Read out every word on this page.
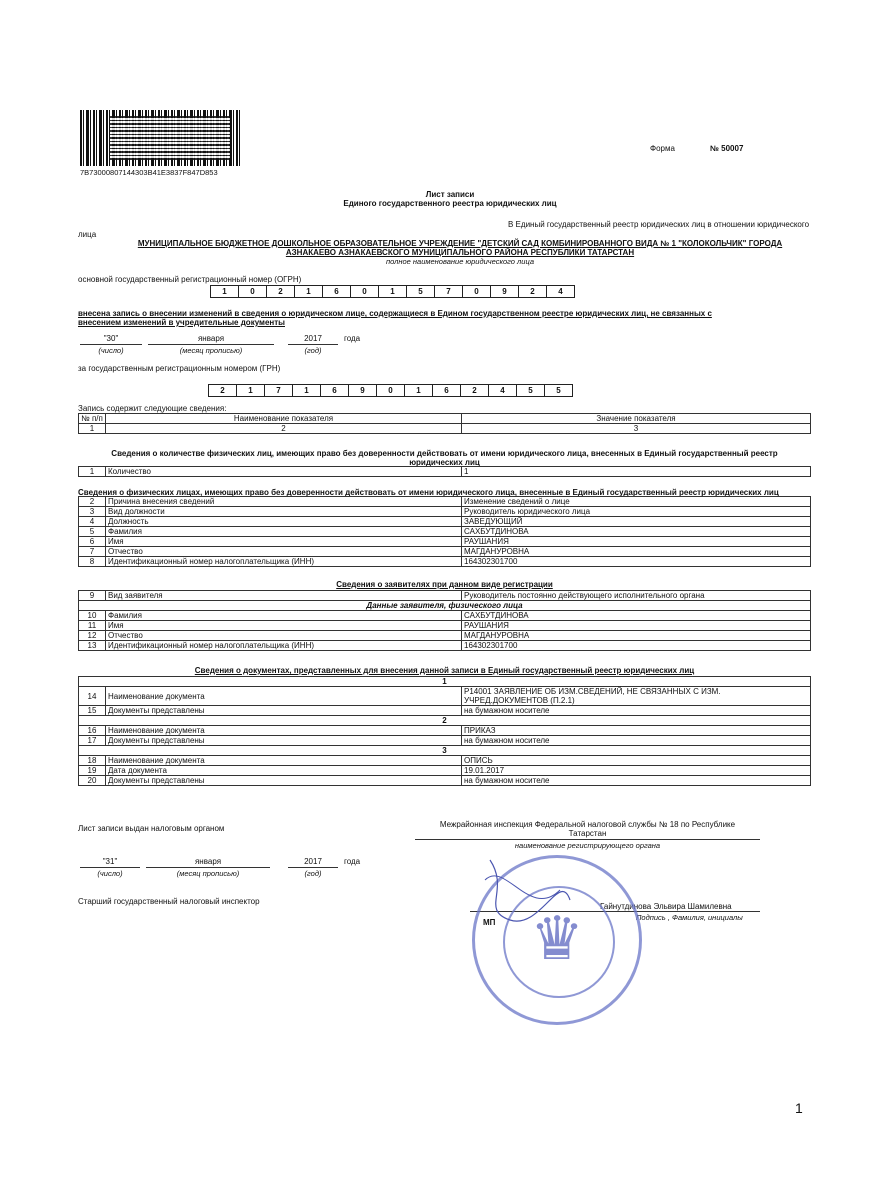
7B73000807144303B41E3837F847D853
Форма	№ 50007
Лист записи
Единого государственного реестра юридических лиц
В Единый государственный реестр юридических лиц в отношении юридического
лица
МУНИЦИПАЛЬНОЕ БЮДЖЕТНОЕ ДОШКОЛЬНОЕ ОБРАЗОВАТЕЛЬНОЕ УЧРЕЖДЕНИЕ "ДЕТСКИЙ САД КОМБИНИРОВАННОГО ВИДА № 1 "КОЛОКОЛЬЧИК" ГОРОДА
АЗНАКАЕВО АЗНАКАЕВСКОГО МУНИЦИПАЛЬНОГО РАЙОНА РЕСПУБЛИКИ ТАТАРСТАН
полное наименование юридического лица
основной государственный регистрационный номер (ОГРН)
1	0	2	1	6	0	1	5	7	0	9	2	4
внесена запись о внесении изменений в сведения о юридическом лице, содержащиеся в Едином государственном реестре юридических лиц, не связанных с
внесением изменений в учредительные документы
"30"	января	2017	года
(число)	(месяц прописью)	(год)
за государственным регистрационным номером (ГРН)
2	1	7	1	6	9	0	1	6	2	4	5	5
Запись содержит следующие сведения:
№ п/п	Наименование показателя	Значение показателя
1	2	3
Сведения о количестве физических лиц, имеющих право без доверенности действовать от имени юридического лица, внесенных в Единый государственный реестр
юридических лиц
1	Количество	1
Сведения о физических лицах, имеющих право без доверенности действовать от имени юридического лица, внесенные в Единый государственный реестр юридических лиц
2	Причина внесения сведений	Изменение сведений о лице
3	Вид должности	Руководитель юридического лица
4	Должность	ЗАВЕДУЮЩИЙ
5	Фамилия	САХБУТДИНОВА
6	Имя	РАУШАНИЯ
7	Отчество	МАГДАНУРОВНА
8	Идентификационный номер налогоплательщика (ИНН)	164302301700
Сведения о заявителях при данном виде регистрации
9	Вид заявителя	Руководитель постоянно действующего исполнительного органа
Данные заявителя, физического лица		
10	Фамилия	САХБУТДИНОВА
11	Имя	РАУШАНИЯ
12	Отчество	МАГДАНУРОВНА
13	Идентификационный номер налогоплательщика (ИНН)	164302301700
Сведения о документах, представленных для внесения данной записи в Единый государственный реестр юридических лиц
1		
14	Наименование документа	Р14001 ЗАЯВЛЕНИЕ ОБ ИЗМ.СВЕДЕНИЙ, НЕ СВЯЗАННЫХ С ИЗМ.
УЧРЕД.ДОКУМЕНТОВ (П.2.1)

15	Документы представлены	на бумажном носителе
2		
16	Наименование документа	ПРИКАЗ
17	Документы представлены	на бумажном носителе
3		
18	Наименование документа	ОПИСЬ
19	Дата документа	19.01.2017
20	Документы представлены	на бумажном носителе
Лист записи выдан налоговым органом	Межрайонная инспекция Федеральной налоговой службы № 18 по Республике
Татарстан
наименование регистрирующего органа
"31"	января	2017	года
(число)	(месяц прописью)	(год)
Старший государственный налоговый инспектор
Гайнутдинова Эльвира Шамилевна
Подпись , Фамилия, инициалы
МП ♛
1
